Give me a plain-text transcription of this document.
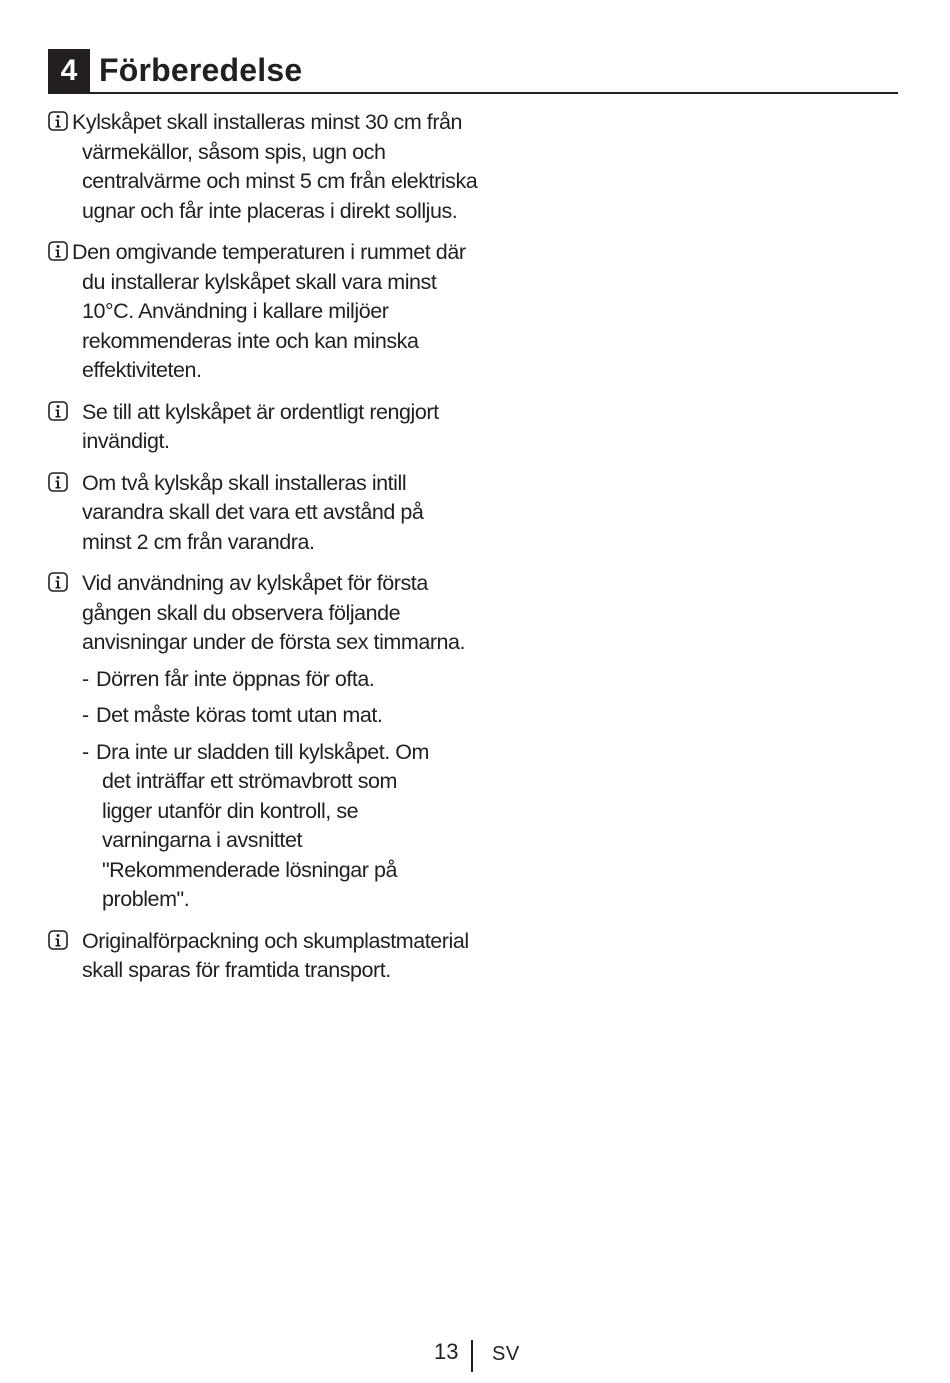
4 Förberedelse
Kylskåpet skall installeras minst 30 cm från värmekällor, såsom spis, ugn och centralvärme och minst 5 cm från elektriska ugnar och får inte placeras i direkt solljus.
Den omgivande temperaturen i rummet där du installerar kylskåpet skall vara minst 10°C. Användning i kallare miljöer rekommenderas inte och kan minska effektiviteten.
Se till att kylskåpet är ordentligt rengjort invändigt.
Om två kylskåp skall installeras intill varandra skall det vara ett avstånd på minst 2 cm från varandra.
Vid användning av kylskåpet för första gången skall du observera följande anvisningar under de första sex timmarna.
- Dörren får inte öppnas för ofta.
- Det måste köras tomt utan mat.
- Dra inte ur sladden till kylskåpet. Om det inträffar ett strömavbrott som ligger utanför din kontroll, se varningarna i avsnittet "Rekommenderade lösningar på problem".
Originalförpackning och skumplastmaterial skall sparas för framtida transport.
13 SV
